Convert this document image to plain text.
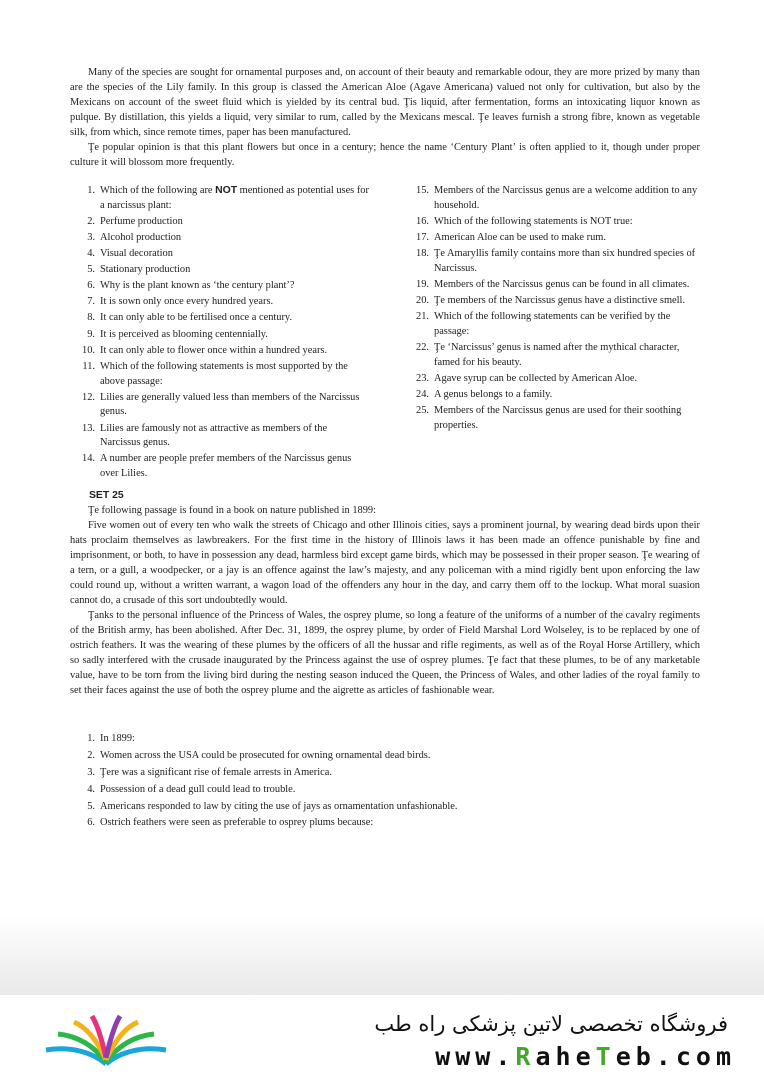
Many of the species are sought for ornamental purposes and, on account of their beauty and remarkable odour, they are more prized by many than are the species of the Lily family. In this group is classed the American Aloe (Agave Americana) valued not only for cultivation, but also by the Mexicans on account of the sweet fluid which is yielded by its central bud. Ţis liquid, after fermentation, forms an intoxicating liquor known as pulque. By distillation, this yields a liquid, very similar to rum, called by the Mexicans mescal. Ţe leaves furnish a strong fibre, known as vegetable silk, from which, since remote times, paper has been manufactured.

Ţe popular opinion is that this plant flowers but once in a century; hence the name ‘Century Plant’ is often applied to it, though under proper culture it will blossom more frequently.

1. Which of the following are NOT mentioned as potential uses for a narcissus plant:
2. Perfume production
3. Alcohol production
4. Visual decoration
5. Stationary production
6. Why is the plant known as ‘the century plant’?
7. It is sown only once every hundred years.
8. It can only able to be fertilised once a century.
9. It is perceived as blooming centennially.
10. It can only able to flower once within a hundred years.
11. Which of the following statements is most supported by the above passage:
12. Lilies are generally valued less than members of the Narcissus genus.
13. Lilies are famously not as attractive as members of the Narcissus genus.
14. A number are people prefer members of the Narcissus genus over Lilies.
15. Members of the Narcissus genus are a welcome addition to any household.
16. Which of the following statements is NOT true:
17. American Aloe can be used to make rum.
18. Ţe Amaryllis family contains more than six hundred species of Narcissus.
19. Members of the Narcissus genus can be found in all climates.
20. Ţe members of the Narcissus genus have a distinctive smell.
21. Which of the following statements can be verified by the passage:
22. Ţe ‘Narcissus’ genus is named after the mythical character, famed for his beauty.
23. Agave syrup can be collected by American Aloe.
24. A genus belongs to a family.
25. Members of the Narcissus genus are used for their soothing properties.
SET 25

Ţe following passage is found in a book on nature published in 1899:

Five women out of every ten who walk the streets of Chicago and other Illinois cities, says a prominent journal, by wearing dead birds upon their hats proclaim themselves as lawbreakers. For the first time in the history of Illinois laws it has been made an offence punishable by fine and imprisonment, or both, to have in possession any dead, harmless bird except game birds, which may be possessed in their proper season. Ţe wearing of a tern, or a gull, a woodpecker, or a jay is an offence against the law’s majesty, and any policeman with a mind rigidly bent upon enforcing the law could round up, without a written warrant, a wagon load of the offenders any hour in the day, and carry them off to the lockup. What moral suasion cannot do, a crusade of this sort undoubtedly would.

Ţanks to the personal influence of the Princess of Wales, the osprey plume, so long a feature of the uniforms of a number of the cavalry regiments of the British army, has been abolished. After Dec. 31, 1899, the osprey plume, by order of Field Marshal Lord Wolseley, is to be replaced by one of ostrich feathers. It was the wearing of these plumes by the officers of all the hussar and rifle regiments, as well as of the Royal Horse Artillery, which so sadly interfered with the crusade inaugurated by the Princess against the use of osprey plumes. Ţe fact that these plumes, to be of any marketable value, have to be torn from the living bird during the nesting season induced the Queen, the Princess of Wales, and other ladies of the royal family to set their faces against the use of both the osprey plume and the aigrette as articles of fashionable wear.

1. In 1899:
2. Women across the USA could be prosecuted for owning ornamental dead birds.
3. Ţere was a significant rise of female arrests in America.
4. Possession of a dead gull could lead to trouble.
5. Americans responded to law by citing the use of jays as ornamentation unfashionable.
6. Ostrich feathers were seen as preferable to osprey plums because:
فروشگاه تخصصی لاتین پزشکی راه طب
www.RaheTeb.com
